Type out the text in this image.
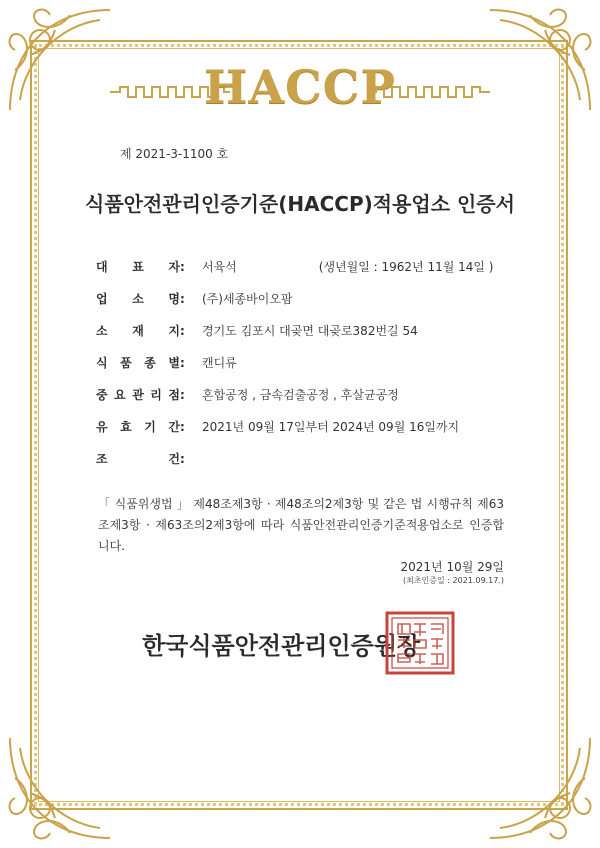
HACCP
제 2021-3-1100 호
식품안전관리인증기준(HACCP)적용업소 인증서
대 표 자 :	서육석	(생년월일 : 1962년 11월 14일 )
업 소 명 :	(주)세종바이오팜
소 재 지 :	경기도 김포시 대곶면 대곶로382번길 54
식 품 종 별 :	캔디류
중 요 관 리 점 :	혼합공정 , 금속검출공정 , 후살균공정
유 효 기 간 :	2021년 09월 17일부터 2024년 09월 16일까지
조	건 :
「 식품위생법 」 제48조제3항 · 제48조의2제3항 및 같은 법 시행규칙 제63조제3항 · 제63조의2제3항에 따라 식품안전관리인증기준적용업소로 인증합니다.
2021년 10월 29일
(최초인증일 : 2021.09.17.)
한국식품안전관리인증원장
